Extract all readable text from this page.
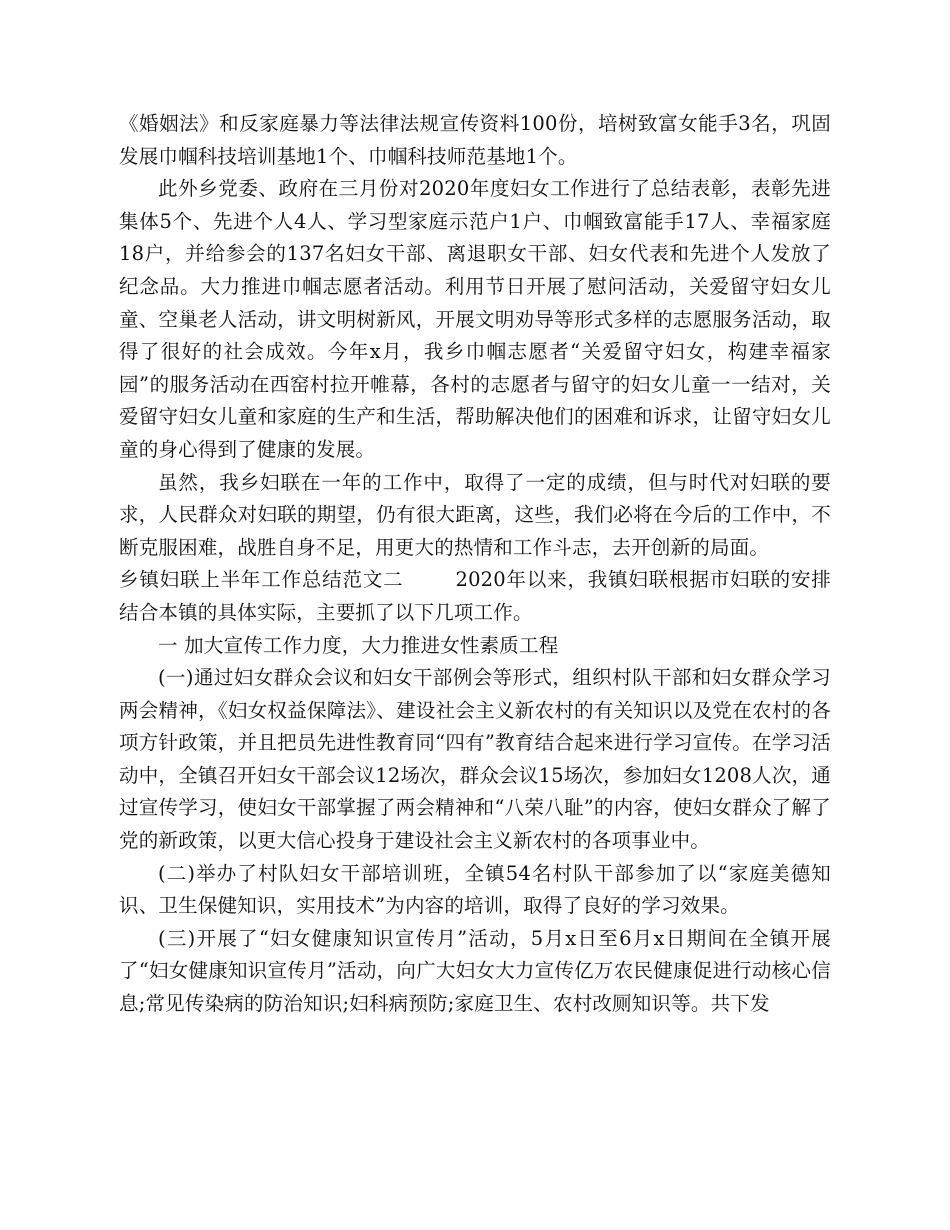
《婚姻法》和反家庭暴力等法律法规宣传资料100份，培树致富女能手3名，巩固发展巾帼科技培训基地1个、巾帼科技师范基地1个。

此外乡党委、政府在三月份对2020年度妇女工作进行了总结表彰，表彰先进集体5个、先进个人4人、学习型家庭示范户1户、巾帼致富能手17人、幸福家庭18户，并给参会的137名妇女干部、离退职女干部、妇女代表和先进个人发放了纪念品。大力推进巾帼志愿者活动。利用节日开展了慰问活动，关爱留守妇女儿童、空巢老人活动，讲文明树新风，开展文明劝导等形式多样的志愿服务活动，取得了很好的社会成效。今年x月，我乡巾帼志愿者“关爱留守妇女，构建幸福家园”的服务活动在西窑村拉开帷幕，各村的志愿者与留守的妇女儿童一一结对，关爱留守妇女儿童和家庭的生产和生活，帮助解决他们的困难和诉求，让留守妇女儿童的身心得到了健康的发展。

虽然，我乡妇联在一年的工作中，取得了一定的成绩，但与时代对妇联的要求，人民群众对妇联的期望，仍有很大距离，这些，我们必将在今后的工作中，不断克服困难，战胜自身不足，用更大的热情和工作斗志，去开创新的局面。

乡镇妇联上半年工作总结范文二	2020年以来，我镇妇联根据市妇联的安排结合本镇的具体实际，主要抓了以下几项工作。

一 加大宣传工作力度，大力推进女性素质工程

(一)通过妇女群众会议和妇女干部例会等形式，组织村队干部和妇女群众学习两会精神，《妇女权益保障法》、建设社会主义新农村的有关知识以及党在农村的各项方针政策，并且把员先进性教育同“四有”教育结合起来进行学习宣传。在学习活动中，全镇召开妇女干部会议12场次，群众会议15场次，参加妇女1208人次，通过宣传学习，使妇女干部掌握了两会精神和“八荣八耻”的内容，使妇女群众了解了党的新政策，以更大信心投身于建设社会主义新农村的各项事业中。

(二)举办了村队妇女干部培训班，全镇54名村队干部参加了以“家庭美德知识、卫生保健知识，实用技术”为内容的培训，取得了良好的学习效果。

(三)开展了“妇女健康知识宣传月”活动，5月x日至6月x日期间在全镇开展了“妇女健康知识宣传月”活动，向广大妇女大力宣传亿万农民健康促进行动核心信息;常见传染病的防治知识;妇科病预防;家庭卫生、农村改厕知识等。共下发
